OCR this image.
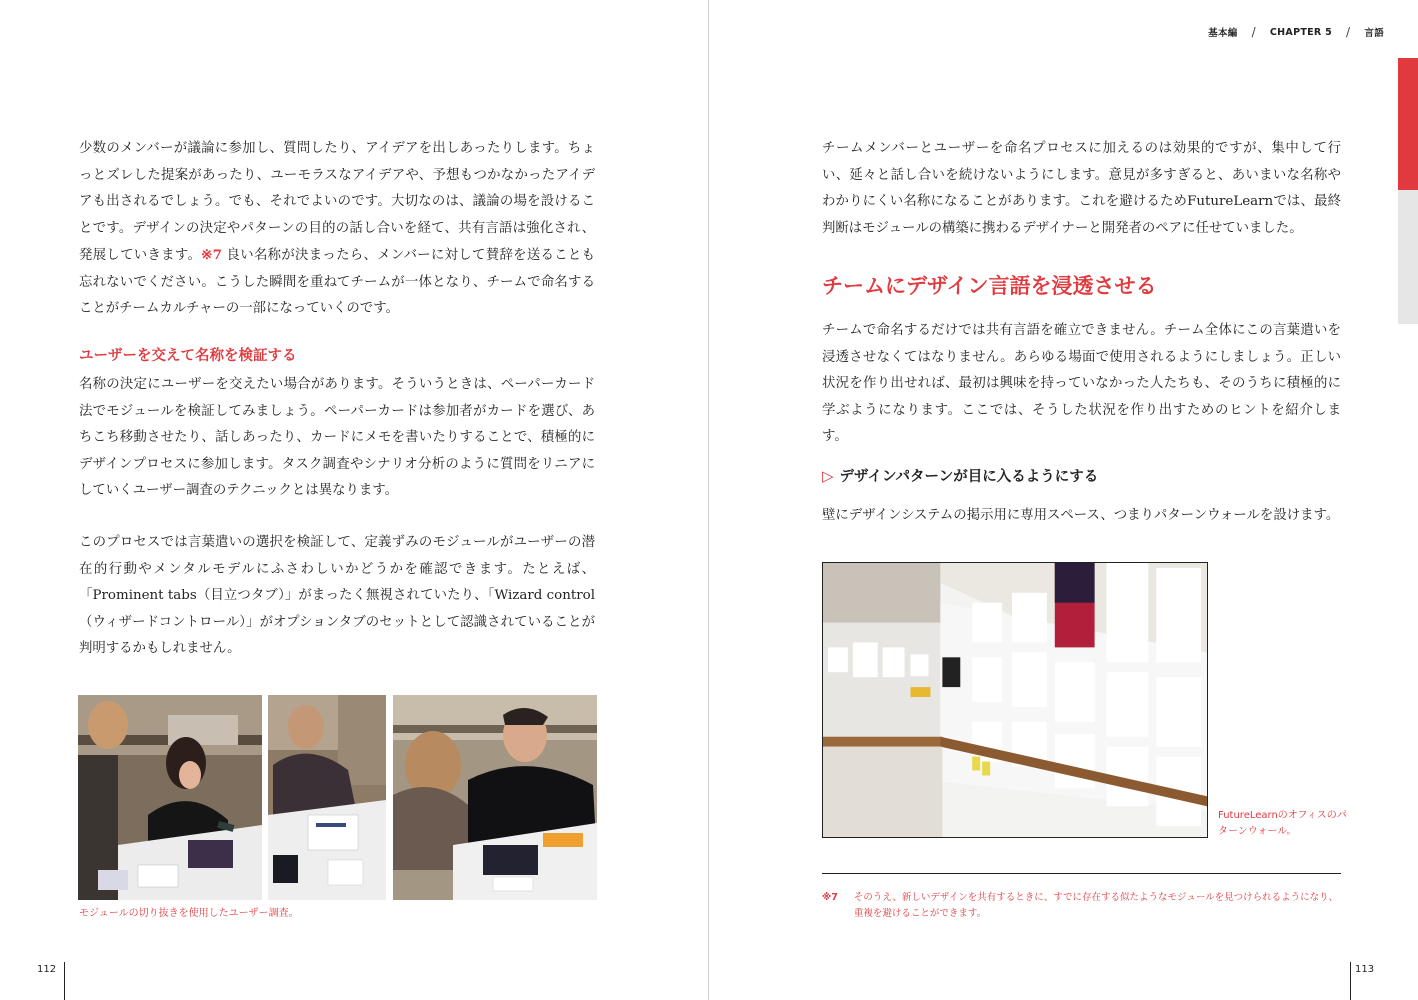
少数のメンバーが議論に参加し、質問したり、アイデアを出しあったりします。ちょっとズレした提案があったり、ユーモラスなアイデアや、予想もつかなかったアイデアも出されるでしょう。でも、それでよいのです。大切なのは、議論の場を設けることです。デザインの決定やパターンの目的の話し合いを経て、共有言語は強化され、発展していきます。※7 良い名称が決まったら、メンバーに対して賛辞を送ることも忘れないでください。こうした瞬間を重ねてチームが一体となり、チームで命名することがチームカルチャーの一部になっていくのです。

ユーザーを交えて名称を検証する

名称の決定にユーザーを交えたい場合があります。そういうときは、ペーパーカード法でモジュールを検証してみましょう。ペーパーカードは参加者がカードを選び、あちこち移動させたり、話しあったり、カードにメモを書いたりすることで、積極的にデザインプロセスに参加します。タスク調査やシナリオ分析のように質問をリニアにしていくユーザー調査のテクニックとは異なります。

このプロセスでは言葉遣いの選択を検証して、定義ずみのモジュールがユーザーの潜在的行動やメンタルモデルにふさわしいかどうかを確認できます。たとえば、「Prominent tabs（目立つタブ）」がまったく無視されていたり、「Wizard control（ウィザードコントロール）」がオプションタブのセットとして認識されていることが判明するかもしれません。

モジュールの切り抜きを使用したユーザー調査。

112
基本編 / CHAPTER 5 / 言語

チームメンバーとユーザーを命名プロセスに加えるのは効果的ですが、集中して行い、延々と話し合いを続けないようにします。意見が多すぎると、あいまいな名称やわかりにくい名称になることがあります。これを避けるためFutureLearnでは、最終判断はモジュールの構築に携わるデザイナーと開発者のペアに任せていました。

チームにデザイン言語を浸透させる

チームで命名するだけでは共有言語を確立できません。チーム全体にこの言葉遣いを浸透させなくてはなりません。あらゆる場面で使用されるようにしましょう。正しい状況を作り出せれば、最初は興味を持っていなかった人たちも、そのうちに積極的に学ぶようになります。ここでは、そうした状況を作り出すためのヒントを紹介します。

▷ デザインパターンが目に入るようにする

壁にデザインシステムの掲示用に専用スペース、つまりパターンウォールを設けます。

FutureLearnのオフィスのパターンウォール。

※7 そのうえ、新しいデザインを共有するときに、すでに存在する似たようなモジュールを見つけられるようになり、重複を避けることができます。
113
